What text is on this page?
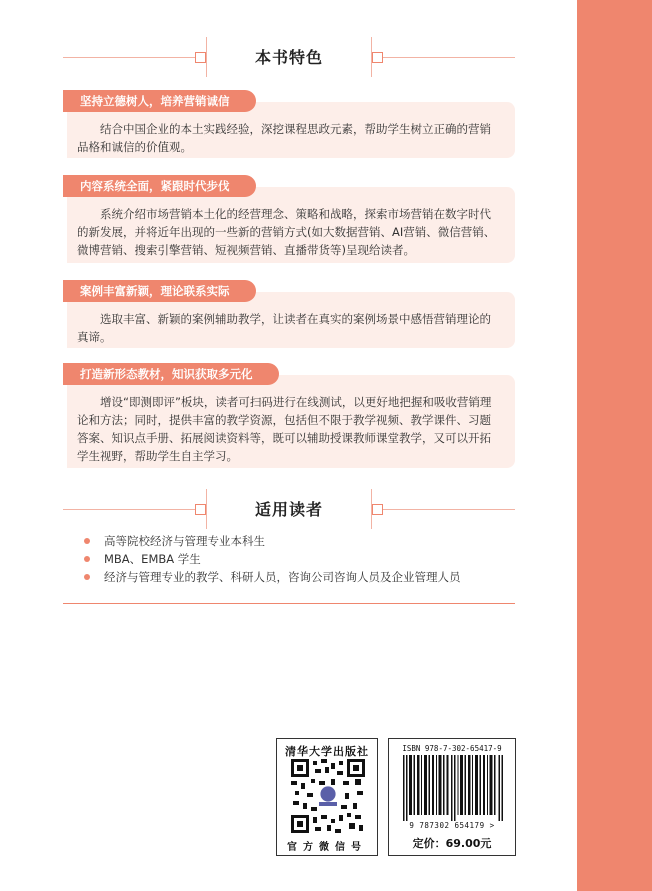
本书特色
坚持立德树人，培养营销诚信
结合中国企业的本土实践经验，深挖课程思政元素，帮助学生树立正确的营销品格和诚信的价值观。
内容系统全面，紧跟时代步伐
系统介绍市场营销本土化的经营理念、策略和战略，探索市场营销在数字时代的新发展，并将近年出现的一些新的营销方式(如大数据营销、AI营销、微信营销、微博营销、搜索引擎营销、短视频营销、直播带货等)呈现给读者。
案例丰富新颖，理论联系实际
选取丰富、新颖的案例辅助教学，让读者在真实的案例场景中感悟营销理论的真谛。
打造新形态教材，知识获取多元化
增设“即测即评”板块，读者可扫码进行在线测试，以更好地把握和吸收营销理论和方法；同时，提供丰富的教学资源，包括但不限于教学视频、教学课件、习题答案、知识点手册、拓展阅读资料等，既可以辅助授课教师课堂教学，又可以开拓学生视野，帮助学生自主学习。
适用读者
高等院校经济与管理专业本科生
MBA、EMBA 学生
经济与管理专业的教学、科研人员，咨询公司咨询人员及企业管理人员
清华大学出版社
官方微信号
ISBN 978-7-302-65417-9
9 787302 654179 >
定价：69.00元
